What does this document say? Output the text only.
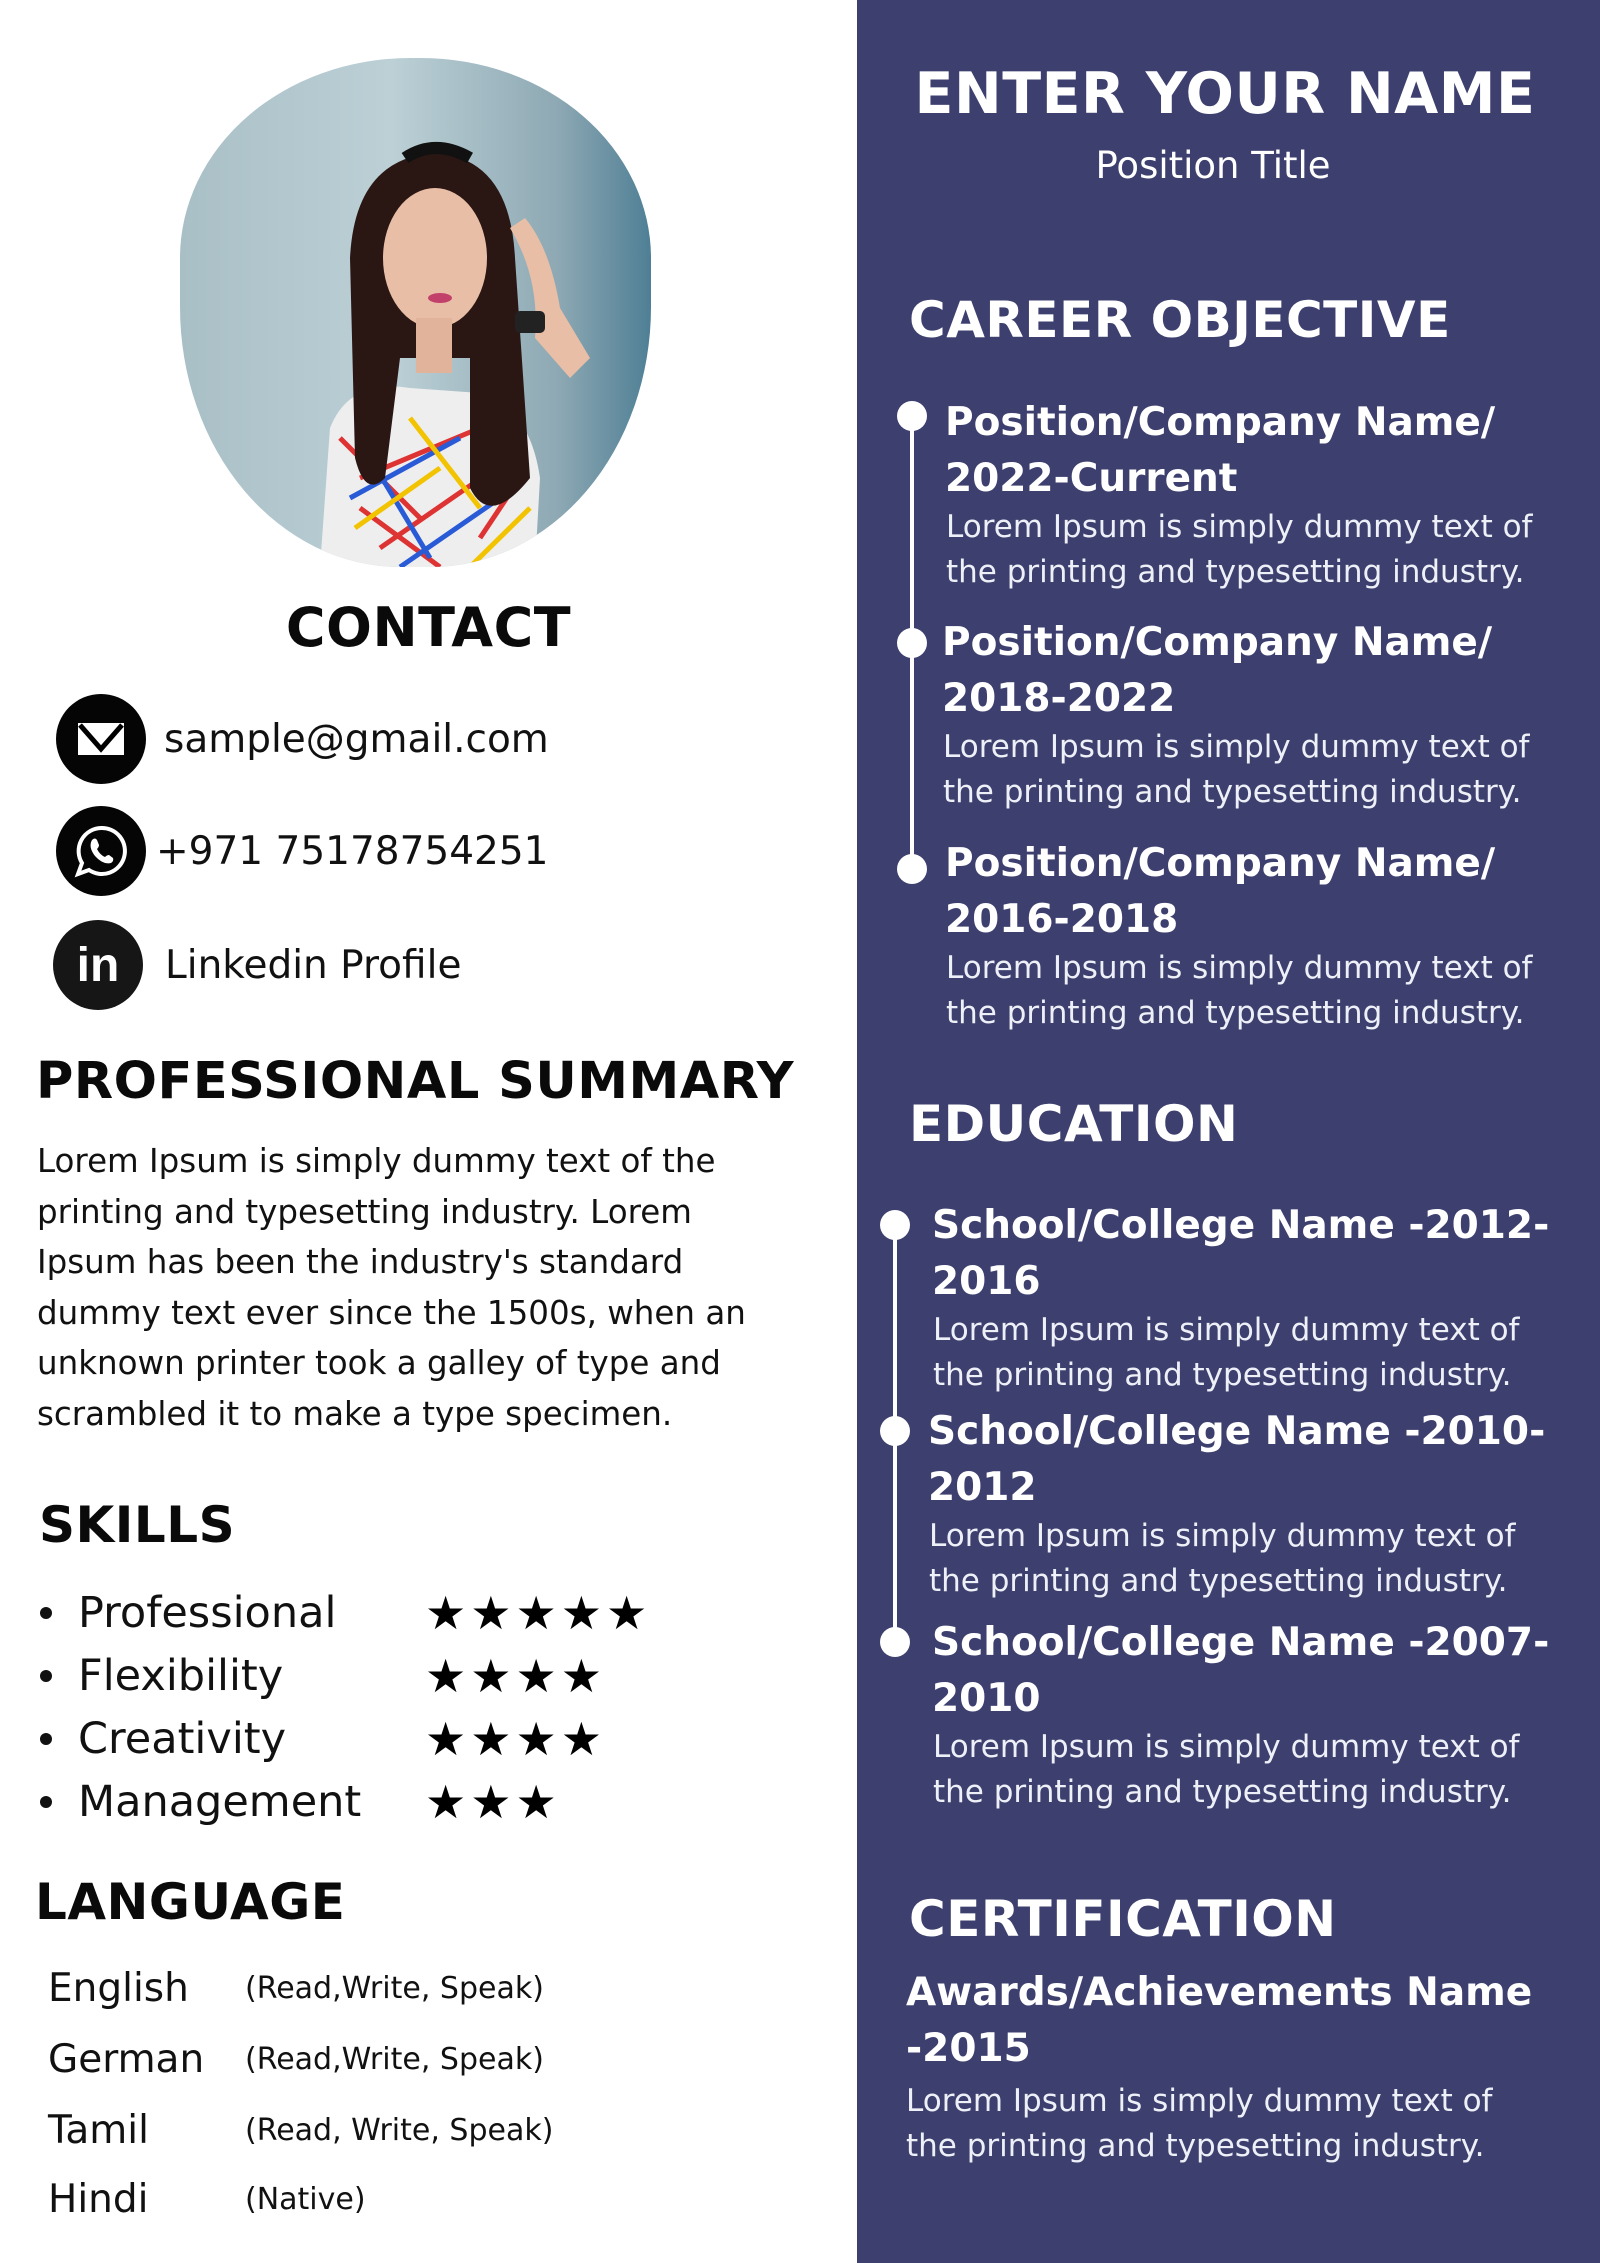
CONTACT
sample@gmail.com
+971 75178754251
in Linkedin Profile
PROFESSIONAL SUMMARY
Lorem Ipsum is simply dummy text of the
printing and typesetting industry. Lorem
Ipsum has been the industry's standard
dummy text ever since the 1500s, when an
unknown printer took a galley of type and
scrambled it to make a type specimen.
SKILLS
Professional ★★★★★
Flexibility	★★★★
Creativity	★★★★
Management ★★★
LANGUAGE
English	(Read,Write, Speak)
German	(Read,Write, Speak)
Tamil	(Read, Write, Speak)
Hindi	(Native)
ENTER YOUR NAME
Position Title
CAREER OBJECTIVE
Position/Company Name/
2022-Current
Lorem Ipsum is simply dummy text of
the printing and typesetting industry.
Position/Company Name/
2018-2022
Lorem Ipsum is simply dummy text of
the printing and typesetting industry.
Position/Company Name/
2016-2018
Lorem Ipsum is simply dummy text of
the printing and typesetting industry.
EDUCATION
School/College Name -2012-
2016
Lorem Ipsum is simply dummy text of
the printing and typesetting industry.
School/College Name -2010-
2012
Lorem Ipsum is simply dummy text of
the printing and typesetting industry.
School/College Name -2007-
2010
Lorem Ipsum is simply dummy text of
the printing and typesetting industry.
CERTIFICATION
Awards/Achievements Name
-2015
Lorem Ipsum is simply dummy text of
the printing and typesetting industry.
